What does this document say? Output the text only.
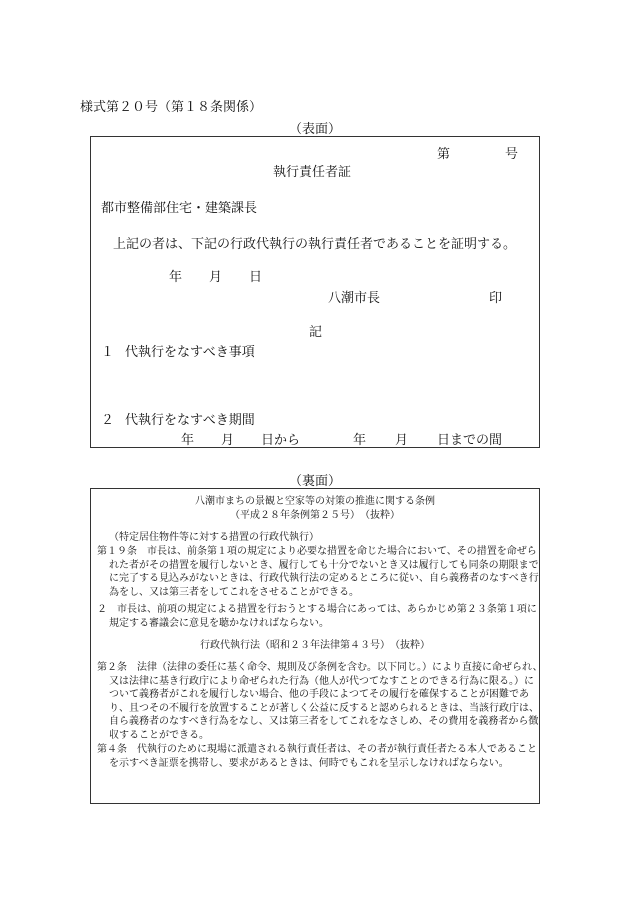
様式第２０号（第１８条関係）
（表面）
第	号
執行責任者証
都市整備部住宅・建築課長
上記の者は、下記の行政代執行の執行責任者であることを証明する。
年 月 日
八潮市長	印
記
１ 代執行をなすべき事項
２ 代執行をなすべき期間
年 月 日から	年 月 日までの間
（裏面）
八潮市まちの景観と空家等の対策の推進に関する条例
（平成２８年条例第２５号）　（抜粋）
（特定居住物件等に対する措置の行政代執行）
第１９条　市長は、前条第１項の規定により必要な措置を命じた場合において、その措置を命ぜられた者がその措置を履行しないとき、履行しても十分でないとき又は履行しても同条の期限までに完了する見込みがないときは、行政代執行法の定めるところに従い、自ら義務者のなすべき行為をし、又は第三者をしてこれをさせることができる。
２　市長は、前項の規定による措置を行おうとする場合にあっては、あらかじめ第２３条第１項に規定する審議会に意見を聴かなければならない。
行政代執行法（昭和２３年法律第４３号）　（抜粋）
第２条　法律（法律の委任に基く命令、規則及び条例を含む。以下同じ。）により直接に命ぜられ、又は法律に基き行政庁により命ぜられた行為（他人が代つてなすことのできる行為に限る。）について義務者がこれを履行しない場合、他の手段によつてその履行を確保することが困難であり、且つその不履行を放置することが著しく公益に反すると認められるときは、当該行政庁は、自ら義務者のなすべき行為をなし、又は第三者をしてこれをなさしめ、その費用を義務者から徴収することができる。
第４条　代執行のために現場に派遣される執行責任者は、その者が執行責任者たる本人であることを示すべき証票を携帯し、要求があるときは、何時でもこれを呈示しなければならない。
